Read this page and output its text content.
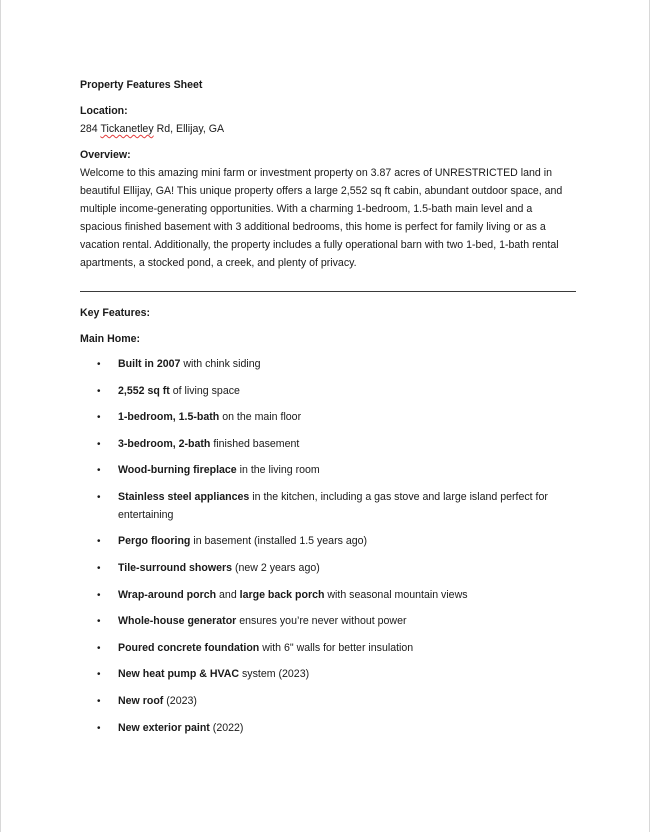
Property Features Sheet

Location:

284 Tickanetley Rd, Ellijay, GA

Overview:

Welcome to this amazing mini farm or investment property on 3.87 acres of UNRESTRICTED land in beautiful Ellijay, GA! This unique property offers a large 2,552 sq ft cabin, abundant outdoor space, and multiple income-generating opportunities. With a charming 1-bedroom, 1.5-bath main level and a spacious finished basement with 3 additional bedrooms, this home is perfect for family living or as a vacation rental. Additionally, the property includes a fully operational barn with two 1-bed, 1-bath rental apartments, a stocked pond, a creek, and plenty of privacy.

Key Features:

Main Home:

• Built in 2007 with chink siding
• 2,552 sq ft of living space
• 1-bedroom, 1.5-bath on the main floor
• 3-bedroom, 2-bath finished basement
• Wood-burning fireplace in the living room
• Stainless steel appliances in the kitchen, including a gas stove and large island perfect for entertaining
• Pergo flooring in basement (installed 1.5 years ago)
• Tile-surround showers (new 2 years ago)
• Wrap-around porch and large back porch with seasonal mountain views
• Whole-house generator ensures you’re never without power
• Poured concrete foundation with 6" walls for better insulation
• New heat pump & HVAC system (2023)
• New roof (2023)
• New exterior paint (2022)
